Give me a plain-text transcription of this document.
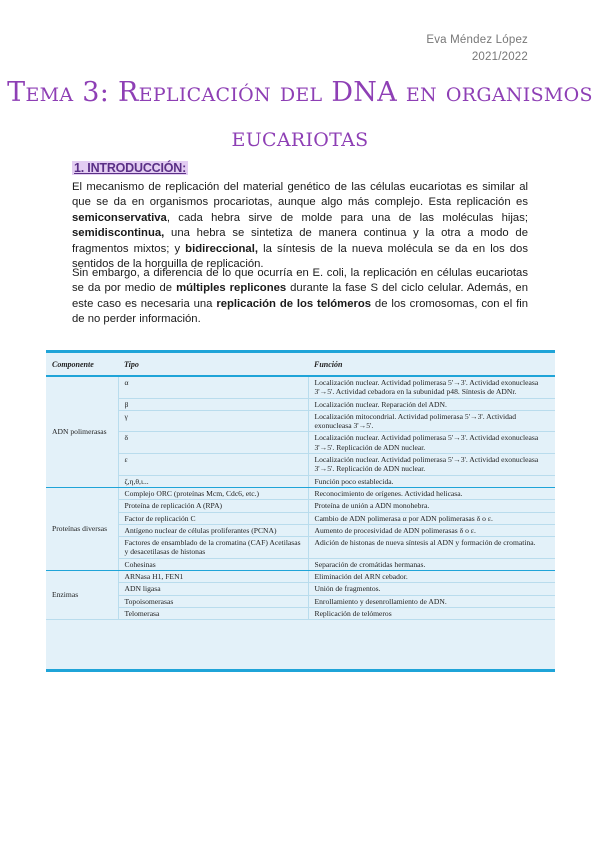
Eva Méndez López
2021/2022
Tema 3: Replicación del DNA en organismos
eucariotas
1. INTRODUCCIÓN:

El mecanismo de replicación del material genético de las células eucariotas es similar al que se da en organismos procariotas, aunque algo más complejo. Esta replicación es semiconservativa, cada hebra sirve de molde para una de las moléculas hijas; semidiscontinua, una hebra se sintetiza de manera continua y la otra a modo de fragmentos mixtos; y bidireccional, la síntesis de la nueva molécula se da en los dos sentidos de la horquilla de replicación.

Sin embargo, a diferencia de lo que ocurría en E. coli, la replicación en células eucariotas se da por medio de múltiples replicones durante la fase S del ciclo celular. Además, en este caso es necesaria una replicación de los telómeros de los cromosomas, con el fin de no perder información.

Componente	Tipo	Función
ADN polimerasas	α	Localización nuclear. Actividad polimerasa 5'→3'. Actividad exonucleasa 3'→5'. Actividad cebadora en la subunidad p48. Síntesis de ADNr.
	β	Localización nuclear. Reparación del ADN.
	γ	Localización mitocondrial. Actividad polimerasa 5'→3'. Actividad exonucleasa 3'→5'.
	δ	Localización nuclear. Actividad polimerasa 5'→3'. Actividad exonucleasa 3'→5'. Replicación de ADN nuclear.
	ε	Localización nuclear. Actividad polimerasa 5'→3'. Actividad exonucleasa 3'→5'. Replicación de ADN nuclear.
	ζ,η,θ,ι...	Función poco establecida.
Proteínas diversas	Complejo ORC (proteínas Mcm, Cdc6, etc.)	Reconocimiento de orígenes. Actividad helicasa.
	Proteína de replicación A (RPA)	Proteína de unión a ADN monohebra.
	Factor de replicación C	Cambio de ADN polimerasa α por ADN polimerasas δ o ε.
	Antígeno nuclear de células proliferantes (PCNA)	Aumento de procesividad de ADN polimerasas δ o ε.
	Factores de ensamblado de la cromatina (CAF) Acetilasas y desacetilasas de histonas	Adición de histonas de nueva síntesis al ADN y formación de cromatina.
	Cohesinas	Separación de cromátidas hermanas.
Enzimas	ARNasa H1, FEN1	Eliminación del ARN cebador.
	ADN ligasa	Unión de fragmentos.
	Topoisomerasas	Enrollamiento y desenrollamiento de ADN.
	Telomerasa	Replicación de telómeros
